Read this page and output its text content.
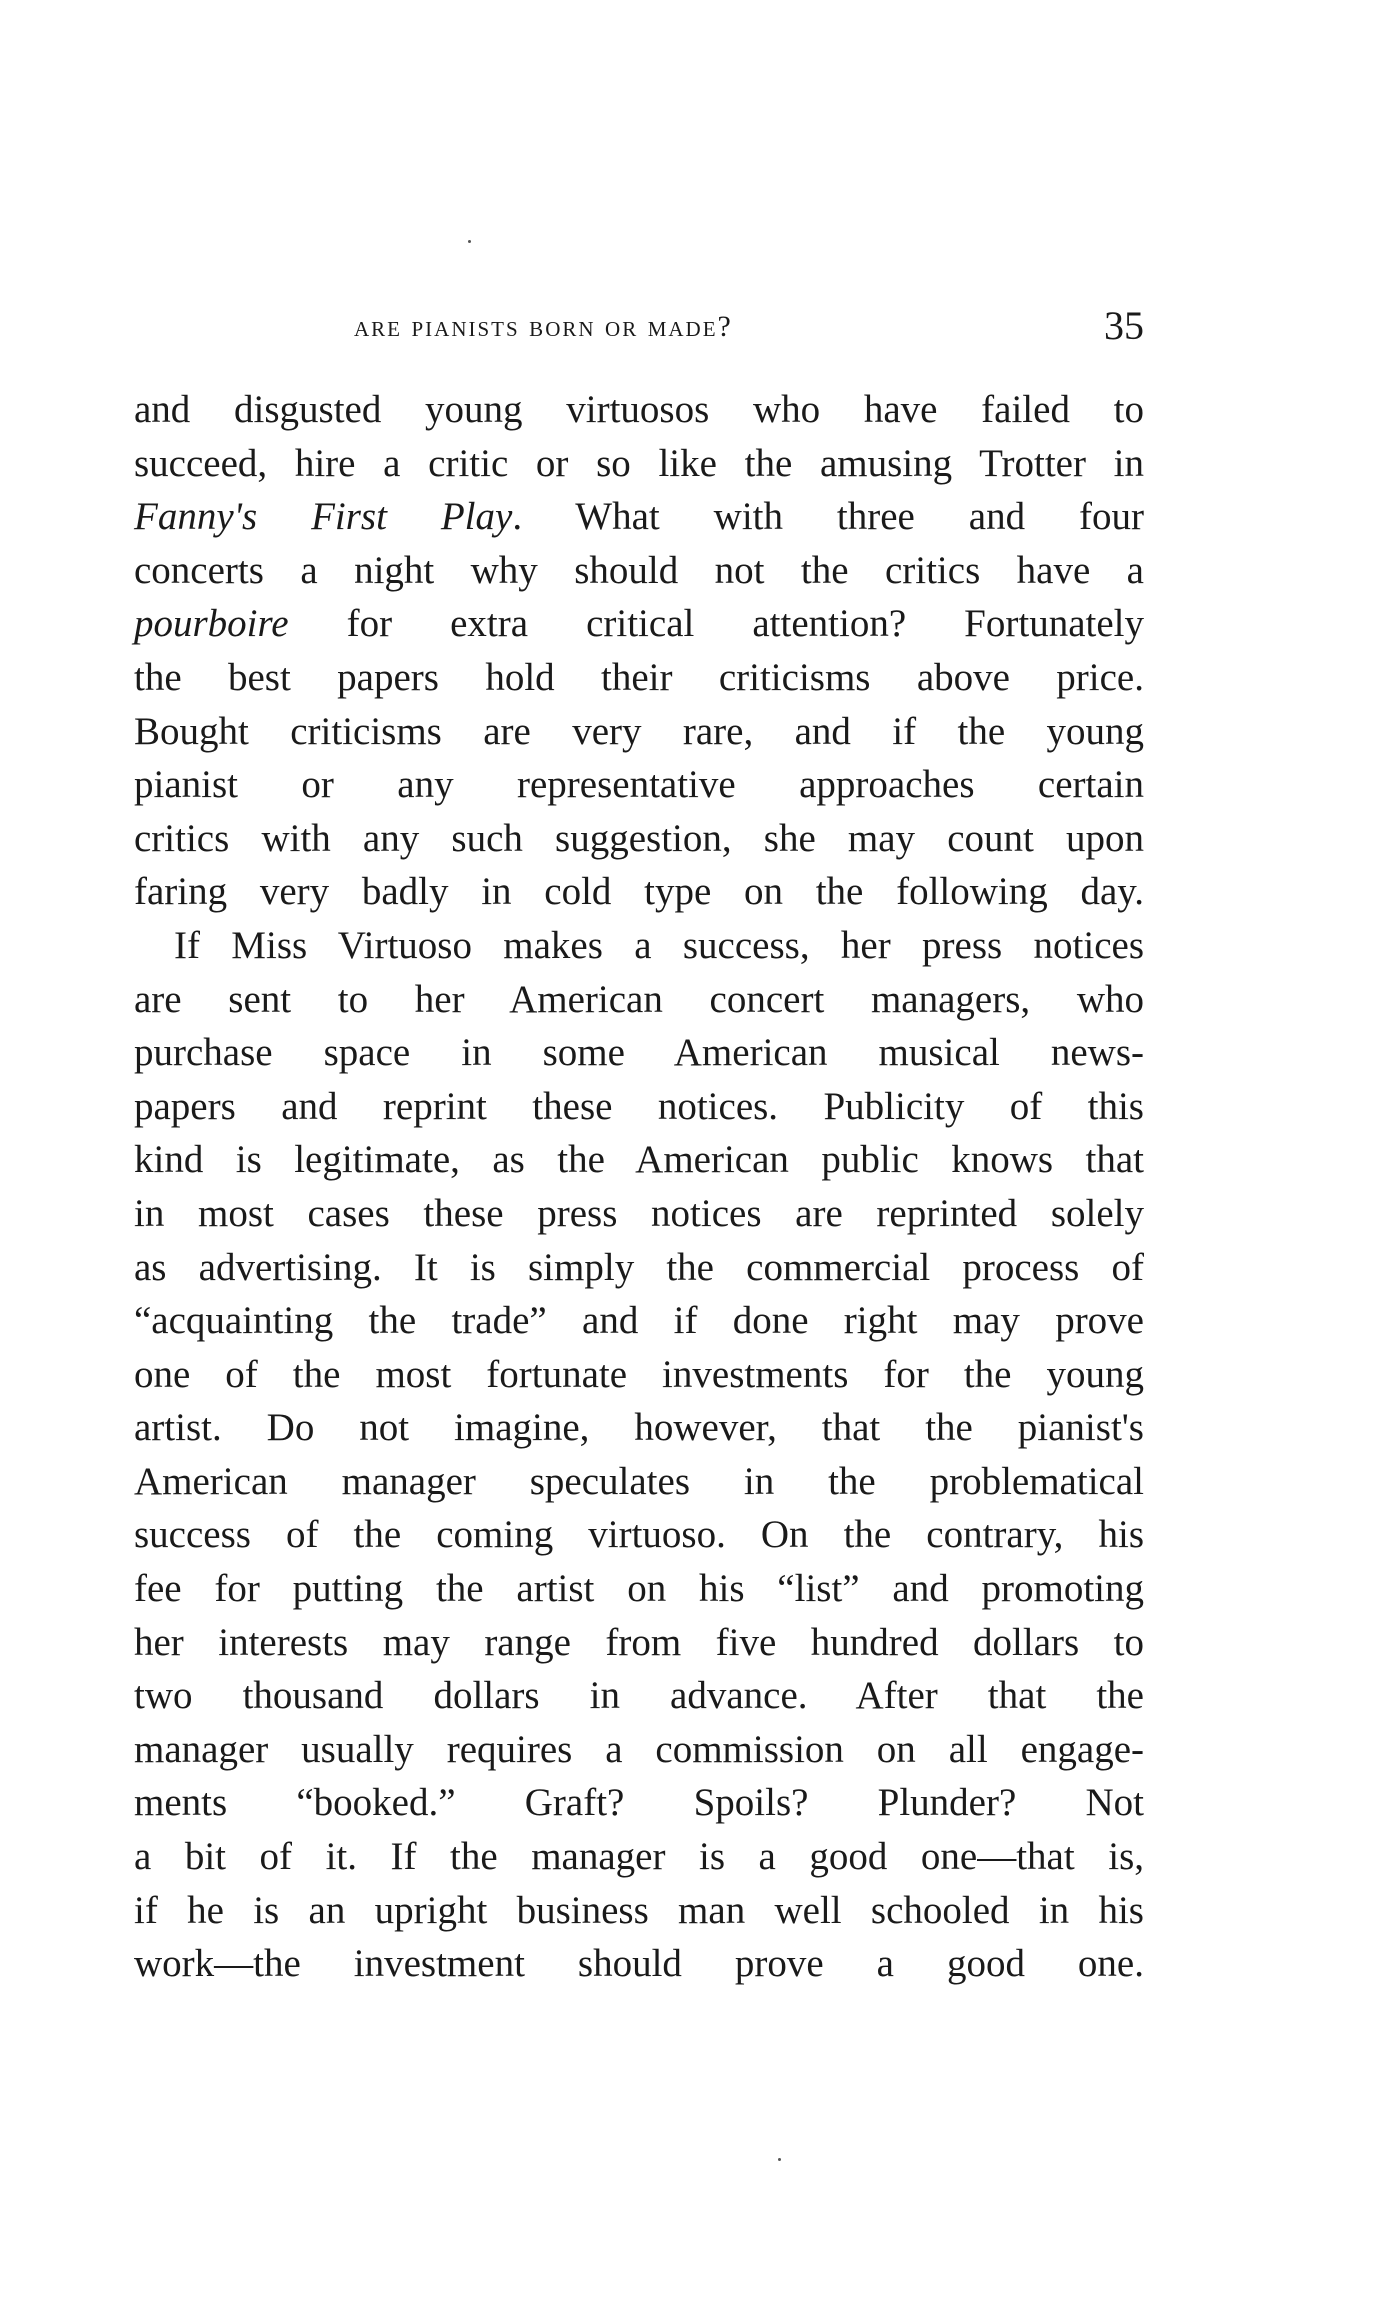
are pianists born or made?	35
and disgusted young virtuosos who have failed to
succeed, hire a critic or so like the amusing Trotter in
Fanny's First Play. What with three and four
concerts a night why should not the critics have a
pourboire for extra critical attention? Fortunately
the best papers hold their criticisms above price.
Bought criticisms are very rare, and if the young
pianist or any representative approaches certain
critics with any such suggestion, she may count upon
faring very badly in cold type on the following day.
If Miss Virtuoso makes a success, her press notices
are sent to her American concert managers, who
purchase space in some American musical news-
papers and reprint these notices. Publicity of this
kind is legitimate, as the American public knows that
in most cases these press notices are reprinted solely
as advertising. It is simply the commercial process of
“acquainting the trade” and if done right may prove
one of the most fortunate investments for the young
artist. Do not imagine, however, that the pianist's
American manager speculates in the problematical
success of the coming virtuoso. On the contrary, his
fee for putting the artist on his “list” and promoting
her interests may range from five hundred dollars to
two thousand dollars in advance. After that the
manager usually requires a commission on all engage-
ments “booked.” Graft? Spoils? Plunder? Not
a bit of it. If the manager is a good one—that is,
if he is an upright business man well schooled in his
work—the investment should prove a good one.
